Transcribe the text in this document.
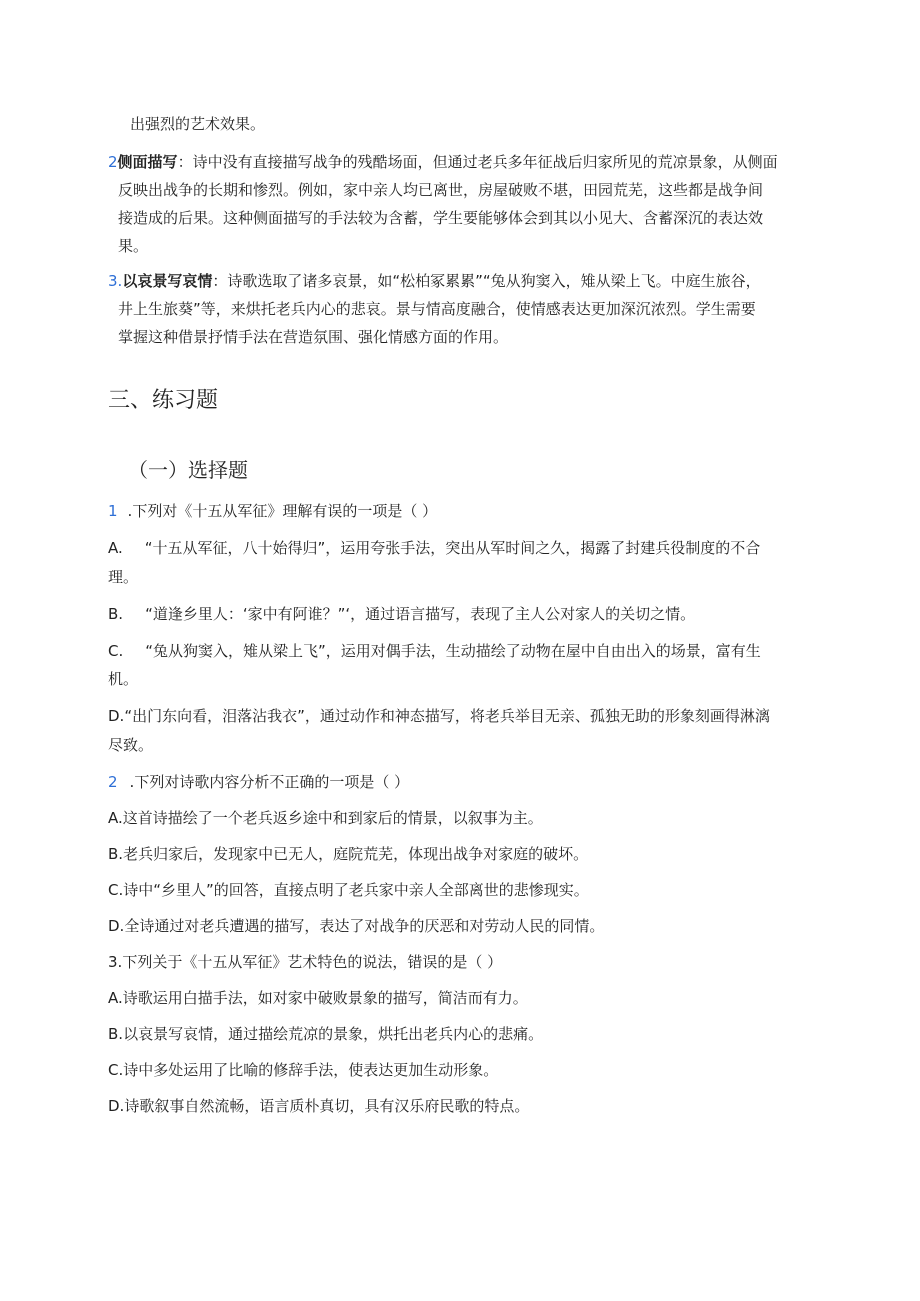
出强烈的艺术效果。
2侧面描写：诗中没有直接描写战争的残酷场面，但通过老兵多年征战后归家所见的荒凉景象，从侧面
反映出战争的长期和惨烈。例如，家中亲人均已离世，房屋破败不堪，田园荒芜，这些都是战争间
接造成的后果。这种侧面描写的手法较为含蓄，学生要能够体会到其以小见大、含蓄深沉的表达效
果。
3.以哀景写哀情：诗歌选取了诸多哀景，如“松柏冢累累”“兔从狗窦入，雉从梁上飞。中庭生旅谷，
井上生旅葵”等，来烘托老兵内心的悲哀。景与情高度融合，使情感表达更加深沉浓烈。学生需要
掌握这种借景抒情手法在营造氛围、强化情感方面的作用。
三、练习题
（一）选择题
1 .下列对《十五从军征》理解有误的一项是（ ）
A. “十五从军征，八十始得归”，运用夸张手法，突出从军时间之久，揭露了封建兵役制度的不合
理。
B. “道逢乡里人：‘家中有阿谁？”‘，通过语言描写，表现了主人公对家人的关切之情。
C. “兔从狗窦入，雉从梁上飞”，运用对偶手法，生动描绘了动物在屋中自由出入的场景，富有生
机。
D.“出门东向看，泪落沾我衣”，通过动作和神态描写，将老兵举目无亲、孤独无助的形象刻画得淋漓
尽致。
2 .下列对诗歌内容分析不正确的一项是（ ）
A.这首诗描绘了一个老兵返乡途中和到家后的情景，以叙事为主。
B.老兵归家后，发现家中已无人，庭院荒芜，体现出战争对家庭的破坏。
C.诗中“乡里人”的回答，直接点明了老兵家中亲人全部离世的悲惨现实。
D.全诗通过对老兵遭遇的描写，表达了对战争的厌恶和对劳动人民的同情。
3.下列关于《十五从军征》艺术特色的说法，错误的是（ ）
A.诗歌运用白描手法，如对家中破败景象的描写，简洁而有力。
B.以哀景写哀情，通过描绘荒凉的景象，烘托出老兵内心的悲痛。
C.诗中多处运用了比喻的修辞手法，使表达更加生动形象。
D.诗歌叙事自然流畅，语言质朴真切，具有汉乐府民歌的特点。
